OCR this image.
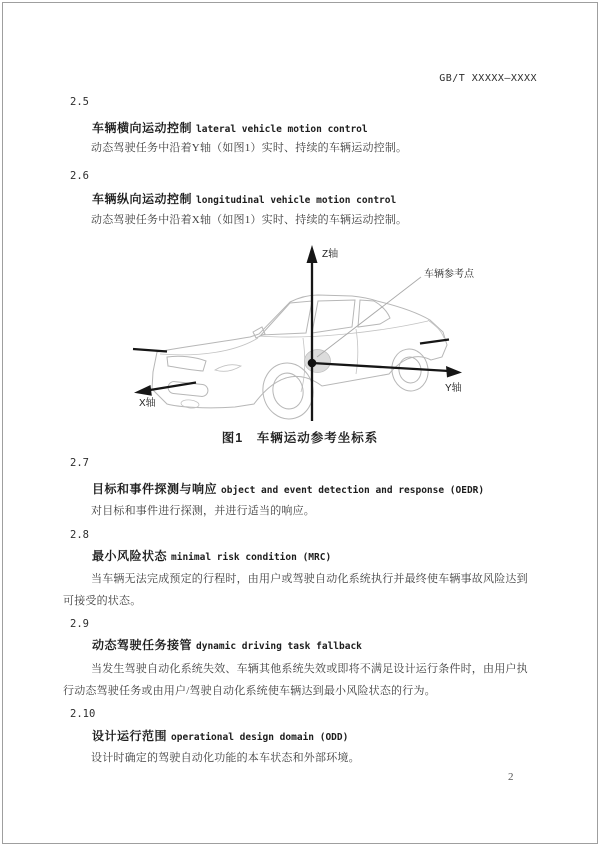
GB/T XXXXX—XXXX
2.5
车辆横向运动控制 lateral vehicle motion control
动态驾驶任务中沿着Y轴（如图1）实时、持续的车辆运动控制。
2.6
车辆纵向运动控制 longitudinal vehicle motion control
动态驾驶任务中沿着X轴（如图1）实时、持续的车辆运动控制。
Z轴
Y轴
X轴
车辆参考点
图1　车辆运动参考坐标系
2.7
目标和事件探测与响应 object and event detection and response (OEDR)
对目标和事件进行探测，并进行适当的响应。
2.8
最小风险状态 minimal risk condition (MRC)
当车辆无法完成预定的行程时，由用户或驾驶自动化系统执行并最终使车辆事故风险达到可接受的状态。
2.9
动态驾驶任务接管 dynamic driving task fallback
当发生驾驶自动化系统失效、车辆其他系统失效或即将不满足设计运行条件时，由用户执行动态驾驶任务或由用户/驾驶自动化系统使车辆达到最小风险状态的行为。
2.10
设计运行范围 operational design domain (ODD)
设计时确定的驾驶自动化功能的本车状态和外部环境。
2
